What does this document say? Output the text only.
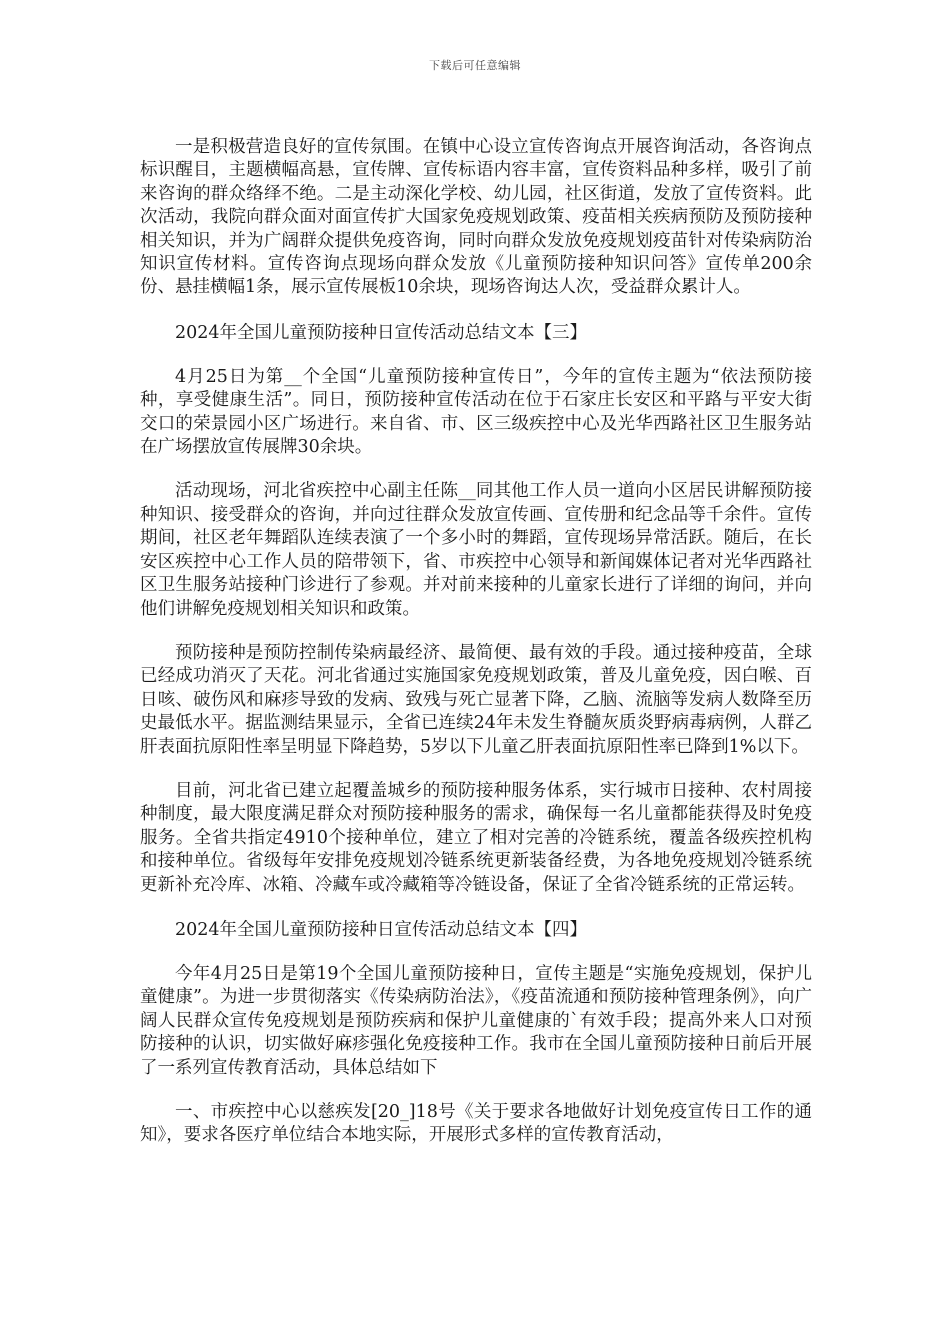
下载后可任意编辑

一是积极营造良好的宣传氛围。在镇中心设立宣传咨询点开展咨询活动，各咨询点标识醒目，主题横幅高悬，宣传牌、宣传标语内容丰富，宣传资料品种多样，吸引了前来咨询的群众络绎不绝。二是主动深化学校、幼儿园，社区街道，发放了宣传资料。此次活动，我院向群众面对面宣传扩大国家免疫规划政策、疫苗相关疾病预防及预防接种相关知识，并为广阔群众提供免疫咨询，同时向群众发放免疫规划疫苗针对传染病防治知识宣传材料。宣传咨询点现场向群众发放《儿童预防接种知识问答》宣传单200余份、悬挂横幅1条，展示宣传展板10余块，现场咨询达人次，受益群众累计人。

2024年全国儿童预防接种日宣传活动总结文本【三】

4月25日为第__个全国“儿童预防接种宣传日”，今年的宣传主题为“依法预防接种，享受健康生活”。同日，预防接种宣传活动在位于石家庄长安区和平路与平安大街交口的荣景园小区广场进行。来自省、市、区三级疾控中心及光华西路社区卫生服务站在广场摆放宣传展牌30余块。

活动现场，河北省疾控中心副主任陈__同其他工作人员一道向小区居民讲解预防接种知识、接受群众的咨询，并向过往群众发放宣传画、宣传册和纪念品等千余件。宣传期间，社区老年舞蹈队连续表演了一个多小时的舞蹈，宣传现场异常活跃。随后，在长安区疾控中心工作人员的陪带领下，省、市疾控中心领导和新闻媒体记者对光华西路社区卫生服务站接种门诊进行了参观。并对前来接种的儿童家长进行了详细的询问，并向他们讲解免疫规划相关知识和政策。

预防接种是预防控制传染病最经济、最简便、最有效的手段。通过接种疫苗，全球已经成功消灭了天花。河北省通过实施国家免疫规划政策，普及儿童免疫，因白喉、百日咳、破伤风和麻疹导致的发病、致残与死亡显著下降，乙脑、流脑等发病人数降至历史最低水平。据监测结果显示，全省已连续24年未发生脊髓灰质炎野病毒病例，人群乙肝表面抗原阳性率呈明显下降趋势，5岁以下儿童乙肝表面抗原阳性率已降到1%以下。

目前，河北省已建立起覆盖城乡的预防接种服务体系，实行城市日接种、农村周接种制度，最大限度满足群众对预防接种服务的需求，确保每一名儿童都能获得及时免疫服务。全省共指定4910个接种单位，建立了相对完善的冷链系统，覆盖各级疾控机构和接种单位。省级每年安排免疫规划冷链系统更新装备经费，为各地免疫规划冷链系统更新补充冷库、冰箱、冷藏车或冷藏箱等冷链设备，保证了全省冷链系统的正常运转。

2024年全国儿童预防接种日宣传活动总结文本【四】

今年4月25日是第19个全国儿童预防接种日，宣传主题是“实施免疫规划，保护儿童健康”。为进一步贯彻落实《传染病防治法》，《疫苗流通和预防接种管理条例》，向广阔人民群众宣传免疫规划是预防疾病和保护儿童健康的`有效手段；提高外来人口对预防接种的认识，切实做好麻疹强化免疫接种工作。我市在全国儿童预防接种日前后开展了一系列宣传教育活动，具体总结如下

一、市疾控中心以慈疾发[20_]18号《关于要求各地做好计划免疫宣传日工作的通知》，要求各医疗单位结合本地实际，开展形式多样的宣传教育活动，
